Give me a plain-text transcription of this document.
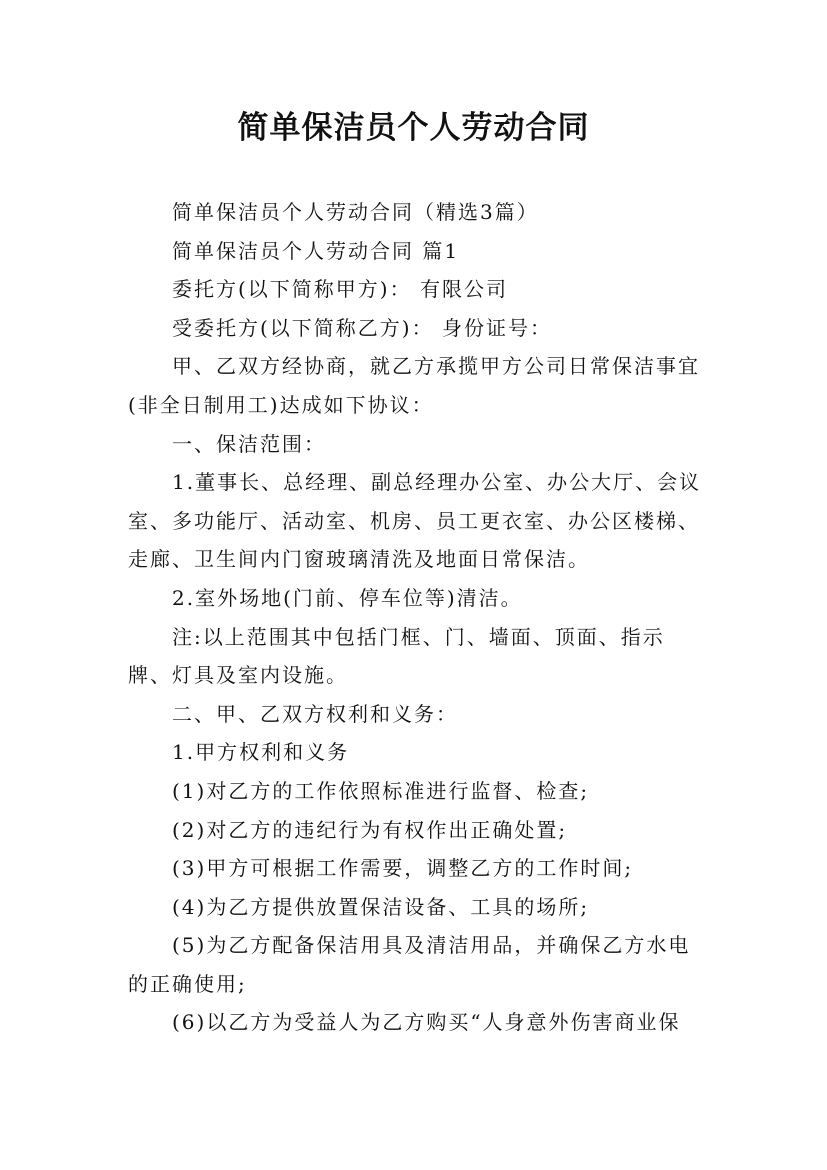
简单保洁员个人劳动合同

简单保洁员个人劳动合同（精选3篇）

简单保洁员个人劳动合同 篇1

委托方(以下简称甲方)： 有限公司

受委托方(以下简称乙方)： 身份证号：

甲、乙双方经协商，就乙方承揽甲方公司日常保洁事宜(非全日制用工)达成如下协议：

一、保洁范围：

1.董事长、总经理、副总经理办公室、办公大厅、会议室、多功能厅、活动室、机房、员工更衣室、办公区楼梯、走廊、卫生间内门窗玻璃清洗及地面日常保洁。

2.室外场地(门前、停车位等)清洁。

注:以上范围其中包括门框、门、墙面、顶面、指示牌、灯具及室内设施。

二、甲、乙双方权利和义务：

1.甲方权利和义务

(1)对乙方的工作依照标准进行监督、检查;

(2)对乙方的违纪行为有权作出正确处置;

(3)甲方可根据工作需要，调整乙方的工作时间;

(4)为乙方提供放置保洁设备、工具的场所;

(5)为乙方配备保洁用具及清洁用品，并确保乙方水电的正确使用;

(6)以乙方为受益人为乙方购买“人身意外伤害商业保
